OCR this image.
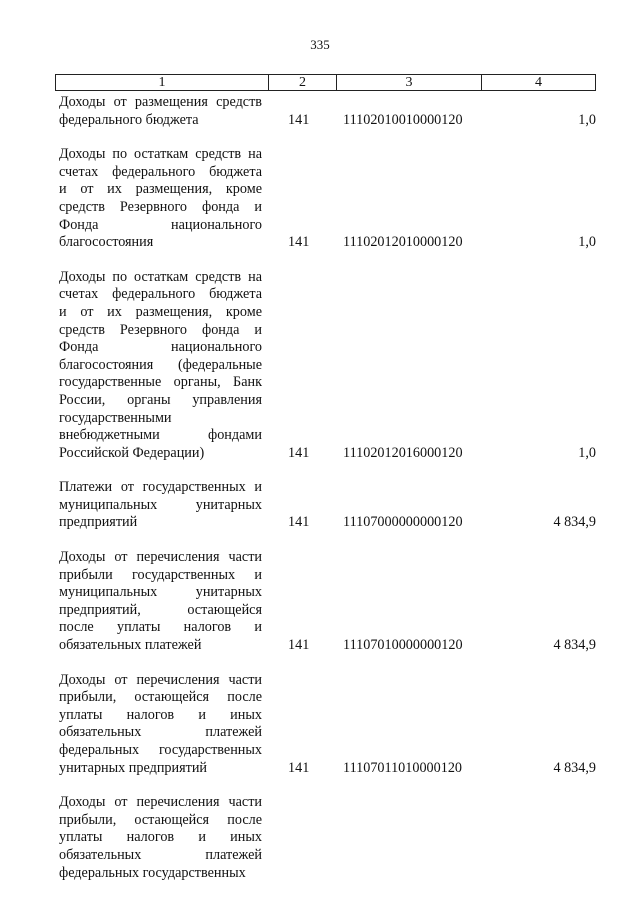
335
1	2	3	4
Доходы от размещения средств
федерального бюджета	141 11102010010000120	1,0
Доходы по остаткам средств на
счетах федерального бюджета
и от их размещения, кроме
средств Резервного фонда и
Фонда национального
благосостояния	141 11102012010000120	1,0
Доходы по остаткам средств на
счетах федерального бюджета
и от их размещения, кроме
средств Резервного фонда и
Фонда национального
благосостояния (федеральные
государственные органы, Банк
России, органы управления
государственными
внебюджетными фондами
Российской Федерации)	141 11102012016000120	1,0
Платежи от государственных и
муниципальных унитарных
предприятий	141 11107000000000120	4 834,9
Доходы от перечисления части
прибыли государственных и
муниципальных унитарных
предприятий, остающейся
после уплаты налогов и
обязательных платежей	141 11107010000000120	4 834,9
Доходы от перечисления части
прибыли, остающейся после
уплаты налогов и иных
обязательных платежей
федеральных государственных
унитарных предприятий	141 11107011010000120	4 834,9
Доходы от перечисления части
прибыли, остающейся после
уплаты налогов и иных
обязательных платежей
федеральных государственных
